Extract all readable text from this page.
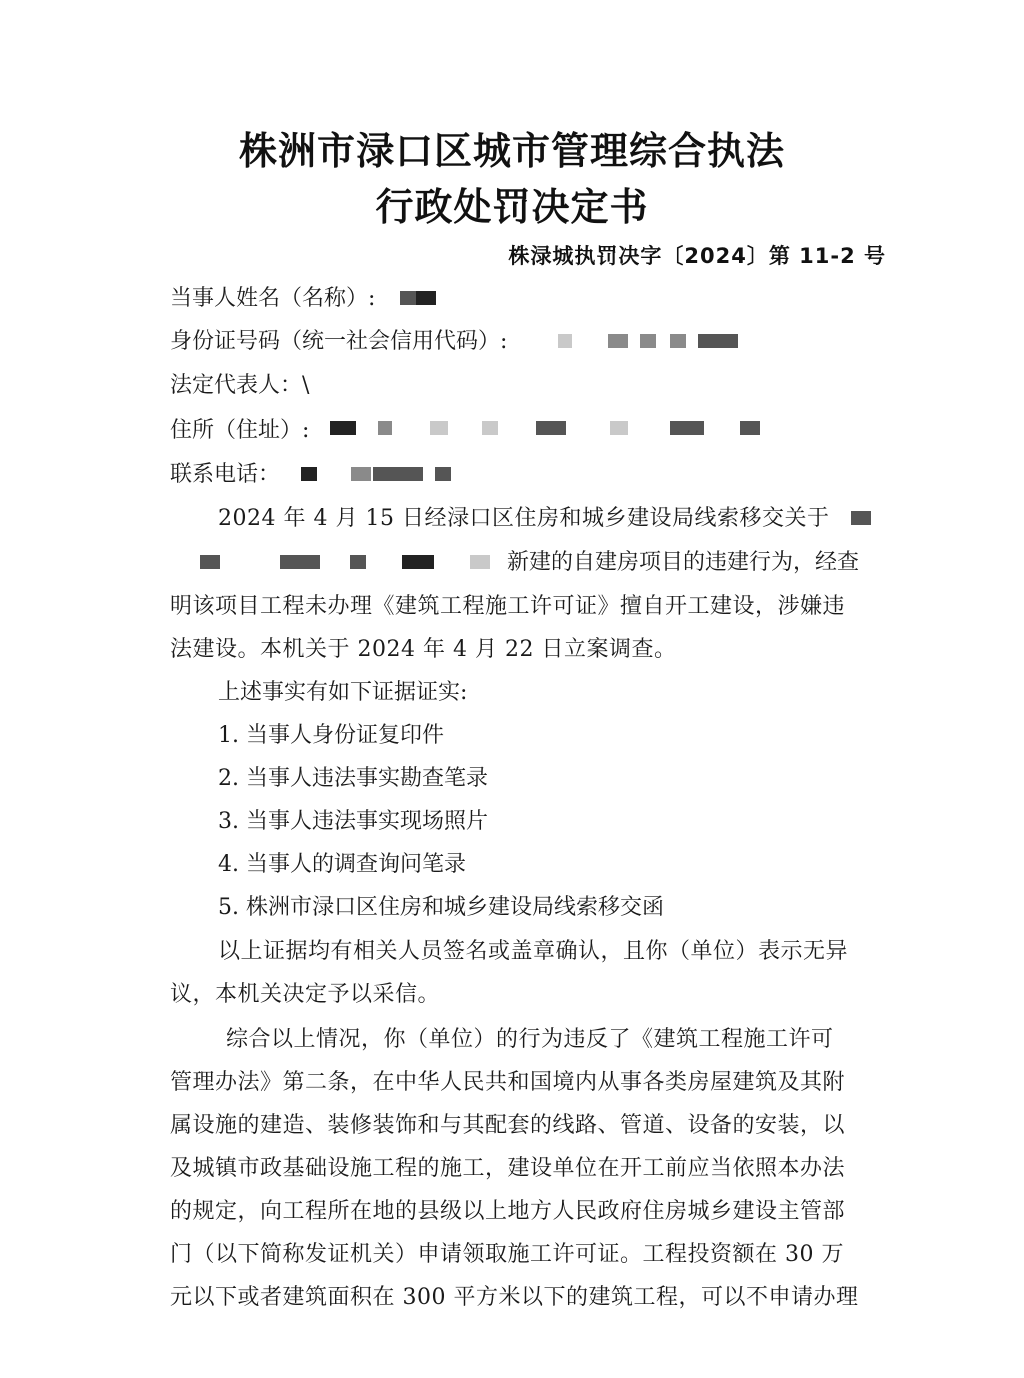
株洲市渌口区城市管理综合执法
行政处罚决定书
株渌城执罚决字〔2024〕第 11-2 号
当事人姓名（名称）:
身份证号码（统一社会信用代码）:
法定代表人：\
住所（住址）:
联系电话：
2024 年 4 月 15 日经渌口区住房和城乡建设局线索移交关于
新建的自建房项目的违建行为，经查
明该项目工程未办理《建筑工程施工许可证》擅自开工建设，涉嫌违
法建设。本机关于 2024 年 4 月 22 日立案调查。
上述事实有如下证据证实:
1. 当事人身份证复印件
2. 当事人违法事实勘查笔录
3. 当事人违法事实现场照片
4. 当事人的调查询问笔录
5. 株洲市渌口区住房和城乡建设局线索移交函
以上证据均有相关人员签名或盖章确认，且你（单位）表示无异
议，本机关决定予以采信。
综合以上情况，你（单位）的行为违反了《建筑工程施工许可
管理办法》第二条，在中华人民共和国境内从事各类房屋建筑及其附
属设施的建造、装修装饰和与其配套的线路、管道、设备的安装，以
及城镇市政基础设施工程的施工，建设单位在开工前应当依照本办法
的规定，向工程所在地的县级以上地方人民政府住房城乡建设主管部
门（以下简称发证机关）申请领取施工许可证。工程投资额在 30 万
元以下或者建筑面积在 300 平方米以下的建筑工程，可以不申请办理
